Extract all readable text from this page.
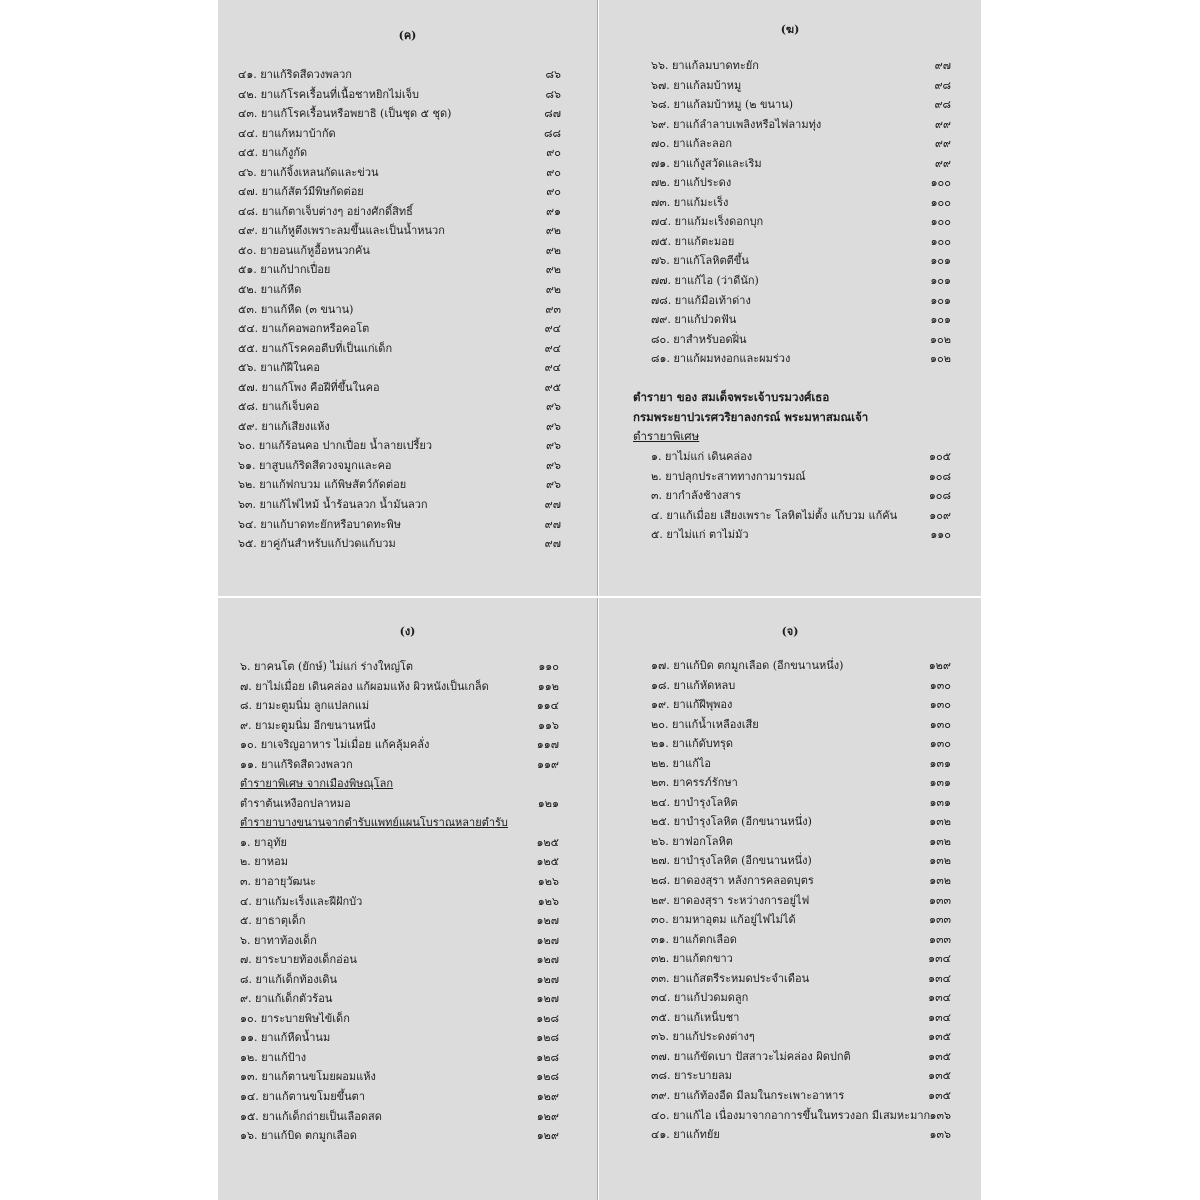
(ค)
๔๑. ยาแก้ริดสีดวงพลวก	๘๖
๔๒. ยาแก้โรคเรื้อนที่เนื้อชาหยิกไม่เจ็บ	๘๖
๔๓. ยาแก้โรคเรื้อนหรือพยาธิ (เป็นชุด ๕ ชุด)	๘๗
๔๔. ยาแก้หมาบ้ากัด	๘๘
๔๕. ยาแก้งูกัด	๙๐
๔๖. ยาแก้จิ้งเหลนกัดและข่วน	๙๐
๔๗. ยาแก้สัตว์มีพิษกัดต่อย	๙๐
๔๘. ยาแก้ตาเจ็บต่างๆ อย่างศักดิ์สิทธิ์	๙๑
๔๙. ยาแก้หูตึงเพราะลมขึ้นและเป็นน้ำหนวก	๙๒
๕๐. ยายอนแก้หูอื้อหนวกคัน	๙๒
๕๑. ยาแก้ปากเปื่อย	๙๒
๕๒. ยาแก้หืด	๙๒
๕๓. ยาแก้หืด (๓ ขนาน)	๙๓
๕๔. ยาแก้คอพอกหรือคอโต	๙๔
๕๕. ยาแก้โรคคอตีบที่เป็นแก่เด็ก	๙๔
๕๖. ยาแก้ฝีในคอ	๙๔
๕๗. ยาแก้โพง คือฝีที่ขึ้นในคอ	๙๕
๕๘. ยาแก้เจ็บคอ	๙๖
๕๙. ยาแก้เสียงแห้ง	๙๖
๖๐. ยาแก้ร้อนคอ ปากเปื่อย น้ำลายเปรี้ยว	๙๖
๖๑. ยาสูบแก้ริดสีดวงจมูกและคอ	๙๖
๖๒. ยาแก้ฟกบวม แก้พิษสัตว์กัดต่อย	๙๖
๖๓. ยาแก้ไฟไหม้ น้ำร้อนลวก น้ำมันลวก	๙๗
๖๔. ยาแก้บาดทะยักหรือบาดทะพิษ	๙๗
๖๕. ยาคู่กันสำหรับแก้ปวดแก้บวม	๙๗
(ฆ)
๖๖. ยาแก้ลมบาดทะยัก	๙๗
๖๗. ยาแก้ลมบ้าหมู	๙๘
๖๘. ยาแก้ลมบ้าหมู (๒ ขนาน)	๙๘
๖๙. ยาแก้ลำลาบเพลิงหรือไฟลามทุ่ง	๙๙
๗๐. ยาแก้ละลอก	๙๙
๗๑. ยาแก้งูสวัดและเริม	๙๙
๗๒. ยาแก้ประดง	๑๐๐
๗๓. ยาแก้มะเร็ง	๑๐๐
๗๔. ยาแก้มะเร็งดอกบุก	๑๐๐
๗๕. ยาแก้ตะมอย	๑๐๐
๗๖. ยาแก้โลหิตตีขึ้น	๑๐๑
๗๗. ยาแก้ไอ (ว่าดีนัก)	๑๐๑
๗๘. ยาแก้มือเท้าด่าง	๑๐๑
๗๙. ยาแก้ปวดฟัน	๑๐๑
๘๐. ยาสำหรับอดฝิ่น	๑๐๒
๘๑. ยาแก้ผมหงอกและผมร่วง	๑๐๒
ตำรายา ของ สมเด็จพระเจ้าบรมวงศ์เธอ
กรมพระยาปวเรศวริยาลงกรณ์ พระมหาสมณเจ้า
ตำรายาพิเศษ
๑. ยาไม่แก่ เดินคล่อง	๑๐๕
๒. ยาปลุกประสาททางกามารมณ์	๑๐๘
๓. ยากำลังช้างสาร	๑๐๘
๔. ยาแก้เมื่อย เสียงเพราะ โลหิตไม่ตั้ง แก้บวม แก้คัน	๑๐๙
๕. ยาไม่แก่ ตาไม่มัว	๑๑๐
(ง)
๖. ยาคนโต (ยักษ์) ไม่แก่ ร่างใหญ่โต	๑๑๐
๗. ยาไม่เมื่อย เดินคล่อง แก้ผอมแห้ง ผิวหนังเป็นเกล็ด	๑๑๒
๘. ยามะตูมนิ่ม ลูกแปลกแม่	๑๑๔
๙. ยามะตูมนิ่ม อีกขนานหนึ่ง	๑๑๖
๑๐. ยาเจริญอาหาร ไม่เมื่อย แก้คลุ้มคลั่ง	๑๑๗
๑๑. ยาแก้ริดสีดวงพลวก	๑๑๙
ตำรายาพิเศษ จากเมืองพิษณุโลก
ตำราต้นเหงือกปลาหมอ	๑๒๑
ตำรายาบางขนานจากตำรับแพทย์แผนโบราณหลายตำรับ
๑. ยาอุทัย	๑๒๕
๒. ยาหอม	๑๒๕
๓. ยาอายุวัฒนะ	๑๒๖
๔. ยาแก้มะเร็งและฝีฝักบัว	๑๒๖
๕. ยาธาตุเด็ก	๑๒๗
๖. ยาทาท้องเด็ก	๑๒๗
๗. ยาระบายท้องเด็กอ่อน	๑๒๗
๘. ยาแก้เด็กท้องเดิน	๑๒๗
๙. ยาแก้เด็กตัวร้อน	๑๒๗
๑๐. ยาระบายพิษไข้เด็ก	๑๒๘
๑๑. ยาแก้หืดน้ำนม	๑๒๘
๑๒. ยาแก้ป้าง	๑๒๘
๑๓. ยาแก้ตานขโมยผอมแห้ง	๑๒๘
๑๔. ยาแก้ตานขโมยขึ้นตา	๑๒๙
๑๕. ยาแก้เด็กถ่ายเป็นเลือดสด	๑๒๙
๑๖. ยาแก้บิด ตกมูกเลือด	๑๒๙
(จ)
๑๗. ยาแก้บิด ตกมูกเลือด (อีกขนานหนึ่ง)	๑๒๙
๑๘. ยาแก้หัดหลบ	๑๓๐
๑๙. ยาแก้ฝีพุพอง	๑๓๐
๒๐. ยาแก้น้ำเหลืองเสีย	๑๓๐
๒๑. ยาแก้ดับทรุด	๑๓๐
๒๒. ยาแก้ไอ	๑๓๑
๒๓. ยาครรภ์รักษา	๑๓๑
๒๔. ยาบำรุงโลหิต	๑๓๑
๒๕. ยาบำรุงโลหิต (อีกขนานหนึ่ง)	๑๓๒
๒๖. ยาฟอกโลหิต	๑๓๒
๒๗. ยาบำรุงโลหิต (อีกขนานหนึ่ง)	๑๓๒
๒๘. ยาดองสุรา หลังการคลอดบุตร	๑๓๒
๒๙. ยาดองสุรา ระหว่างการอยู่ไฟ	๑๓๓
๓๐. ยามหาอุตม แก้อยู่ไฟไม่ได้	๑๓๓
๓๑. ยาแก้ตกเลือด	๑๓๓
๓๒. ยาแก้ตกขาว	๑๓๔
๓๓. ยาแก้สตรีระหมดประจำเดือน	๑๓๔
๓๔. ยาแก้ปวดมดลูก	๑๓๔
๓๕. ยาแก้เหน็บชา	๑๓๔
๓๖. ยาแก้ประดงต่างๆ	๑๓๕
๓๗. ยาแก้ขัดเบา ปัสสาวะไม่คล่อง ผิดปกติ	๑๓๕
๓๘. ยาระบายลม	๑๓๕
๓๙. ยาแก้ท้องอืด มีลมในกระเพาะอาหาร	๑๓๕
๔๐. ยาแก้ไอ เนื่องมาจากอาการขึ้นในทรวงอก มีเสมหะมาก ๑๓๖
๔๑. ยาแก้ทยัย	๑๓๖
